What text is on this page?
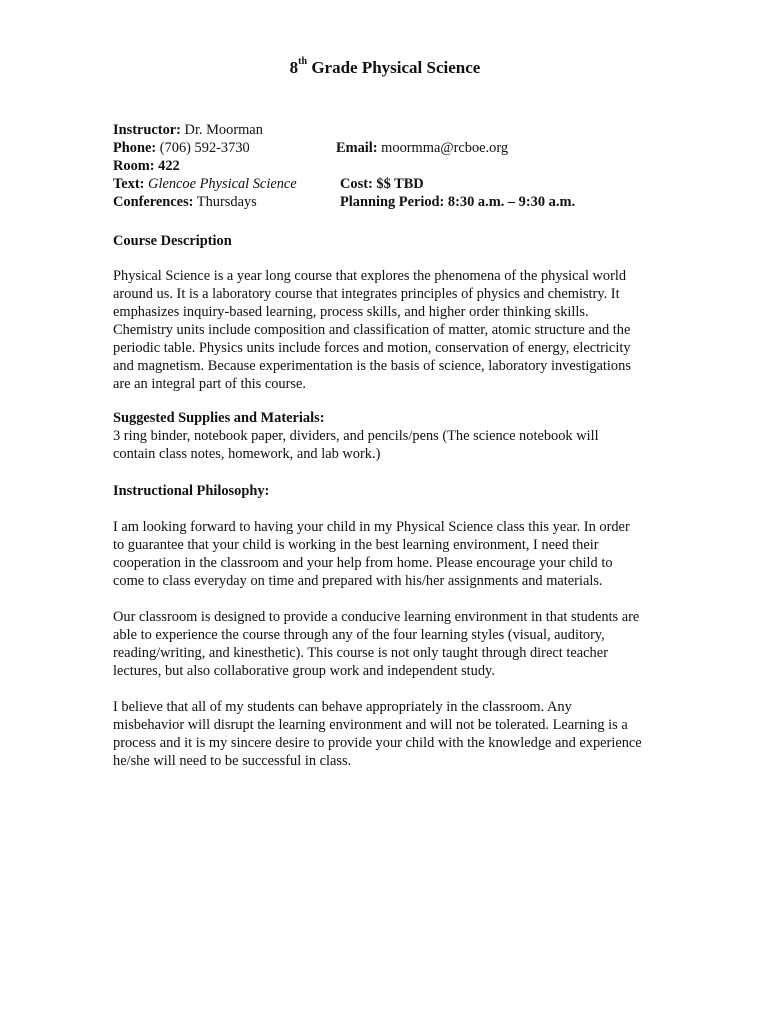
8th Grade Physical Science
Instructor: Dr. Moorman
Phone: (706) 592-3730	Email: moormma@rcboe.org
Room: 422
Text: Glencoe Physical Science	Cost: $$ TBD
Conferences: Thursdays	Planning Period: 8:30 a.m. – 9:30 a.m.
Course Description
Physical Science is a year long course that explores the phenomena of the physical world
around us. It is a laboratory course that integrates principles of physics and chemistry. It
emphasizes inquiry-based learning, process skills, and higher order thinking skills.
Chemistry units include composition and classification of matter, atomic structure and the
periodic table. Physics units include forces and motion, conservation of energy, electricity
and magnetism. Because experimentation is the basis of science, laboratory investigations
are an integral part of this course.
Suggested Supplies and Materials:
3 ring binder, notebook paper, dividers, and pencils/pens (The science notebook will
contain class notes, homework, and lab work.)
Instructional Philosophy:
I am looking forward to having your child in my Physical Science class this year. In order
to guarantee that your child is working in the best learning environment, I need their
cooperation in the classroom and your help from home. Please encourage your child to
come to class everyday on time and prepared with his/her assignments and materials.
Our classroom is designed to provide a conducive learning environment in that students are
able to experience the course through any of the four learning styles (visual, auditory,
reading/writing, and kinesthetic). This course is not only taught through direct teacher
lectures, but also collaborative group work and independent study.
I believe that all of my students can behave appropriately in the classroom. Any
misbehavior will disrupt the learning environment and will not be tolerated. Learning is a
process and it is my sincere desire to provide your child with the knowledge and experience
he/she will need to be successful in class.
